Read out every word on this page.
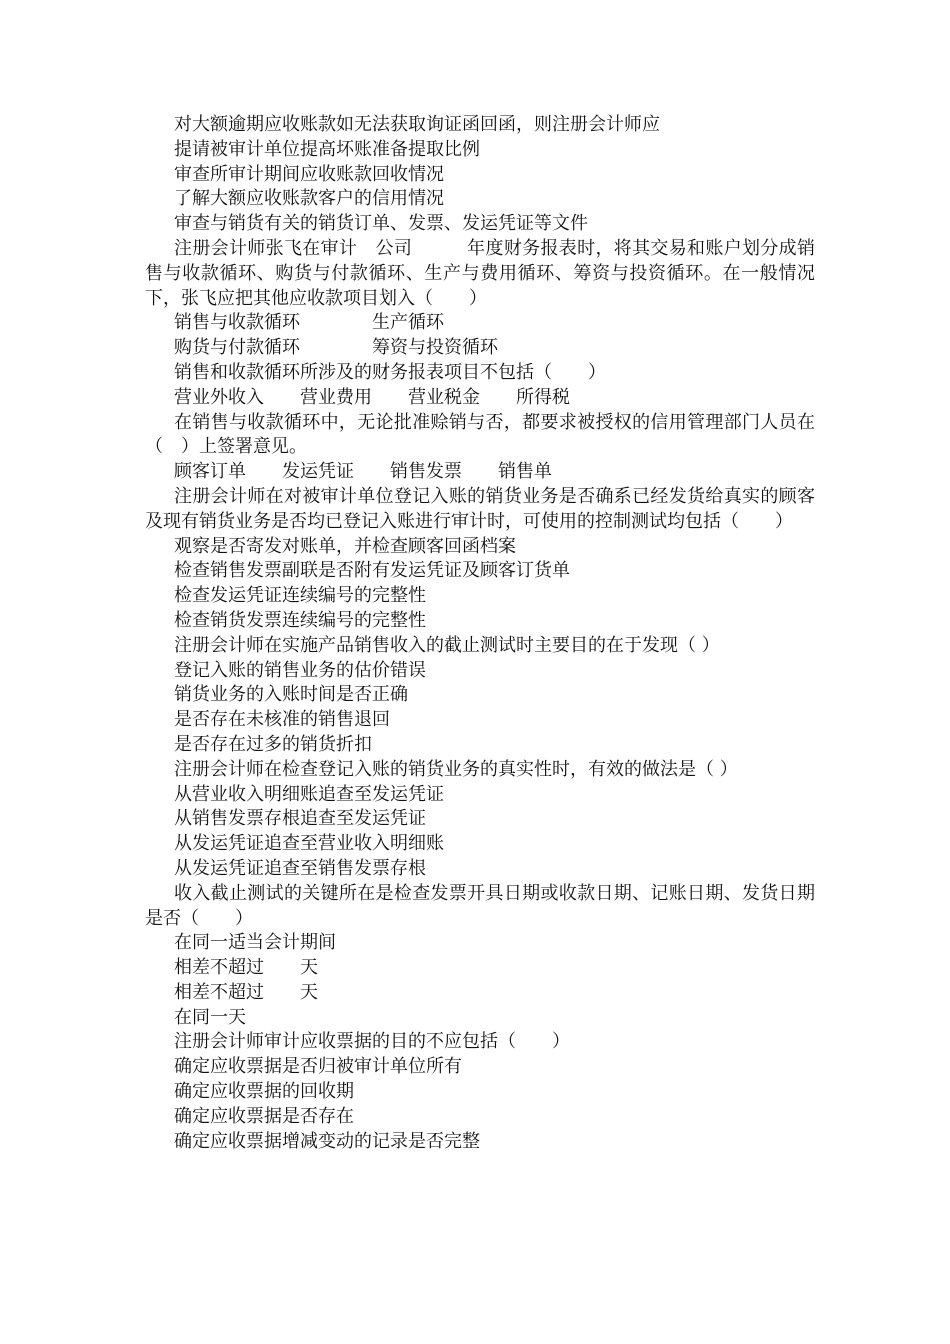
对大额逾期应收账款如无法获取询证函回函，则注册会计师应
提请被审计单位提高坏账准备提取比例
审查所审计期间应收账款回收情况
了解大额应收账款客户的信用情况
审查与销货有关的销货订单、发票、发运凭证等文件
注册会计师张飞在审计　公司　　　年度财务报表时，将其交易和账户划分成销售与收款循环、购货与付款循环、生产与费用循环、筹资与投资循环。在一般情况下，张飞应把其他应收款项目划入（　　）
销售与收款循环　　　　生产循环
购货与付款循环　　　　筹资与投资循环
销售和收款循环所涉及的财务报表项目不包括（　　）
营业外收入　　营业费用　　营业税金　　所得税
在销售与收款循环中，无论批准赊销与否，都要求被授权的信用管理部门人员在（　）上签署意见。
顾客订单　　发运凭证　　销售发票　　销售单
注册会计师在对被审计单位登记入账的销货业务是否确系已经发货给真实的顾客及现有销货业务是否均已登记入账进行审计时，可使用的控制测试均包括（　　）
观察是否寄发对账单，并检查顾客回函档案
检查销售发票副联是否附有发运凭证及顾客订货单
检查发运凭证连续编号的完整性
检查销货发票连续编号的完整性
注册会计师在实施产品销售收入的截止测试时主要目的在于发现（ ）
登记入账的销售业务的估价错误
销货业务的入账时间是否正确
是否存在未核准的销售退回
是否存在过多的销货折扣
注册会计师在检查登记入账的销货业务的真实性时，有效的做法是（ ）
从营业收入明细账追查至发运凭证
从销售发票存根追查至发运凭证
从发运凭证追查至营业收入明细账
从发运凭证追查至销售发票存根
收入截止测试的关键所在是检查发票开具日期或收款日期、记账日期、发货日期是否（　　）
在同一适当会计期间
相差不超过　　天
相差不超过　　天
在同一天
注册会计师审计应收票据的目的不应包括（　　）
确定应收票据是否归被审计单位所有
确定应收票据的回收期
确定应收票据是否存在
确定应收票据增减变动的记录是否完整
